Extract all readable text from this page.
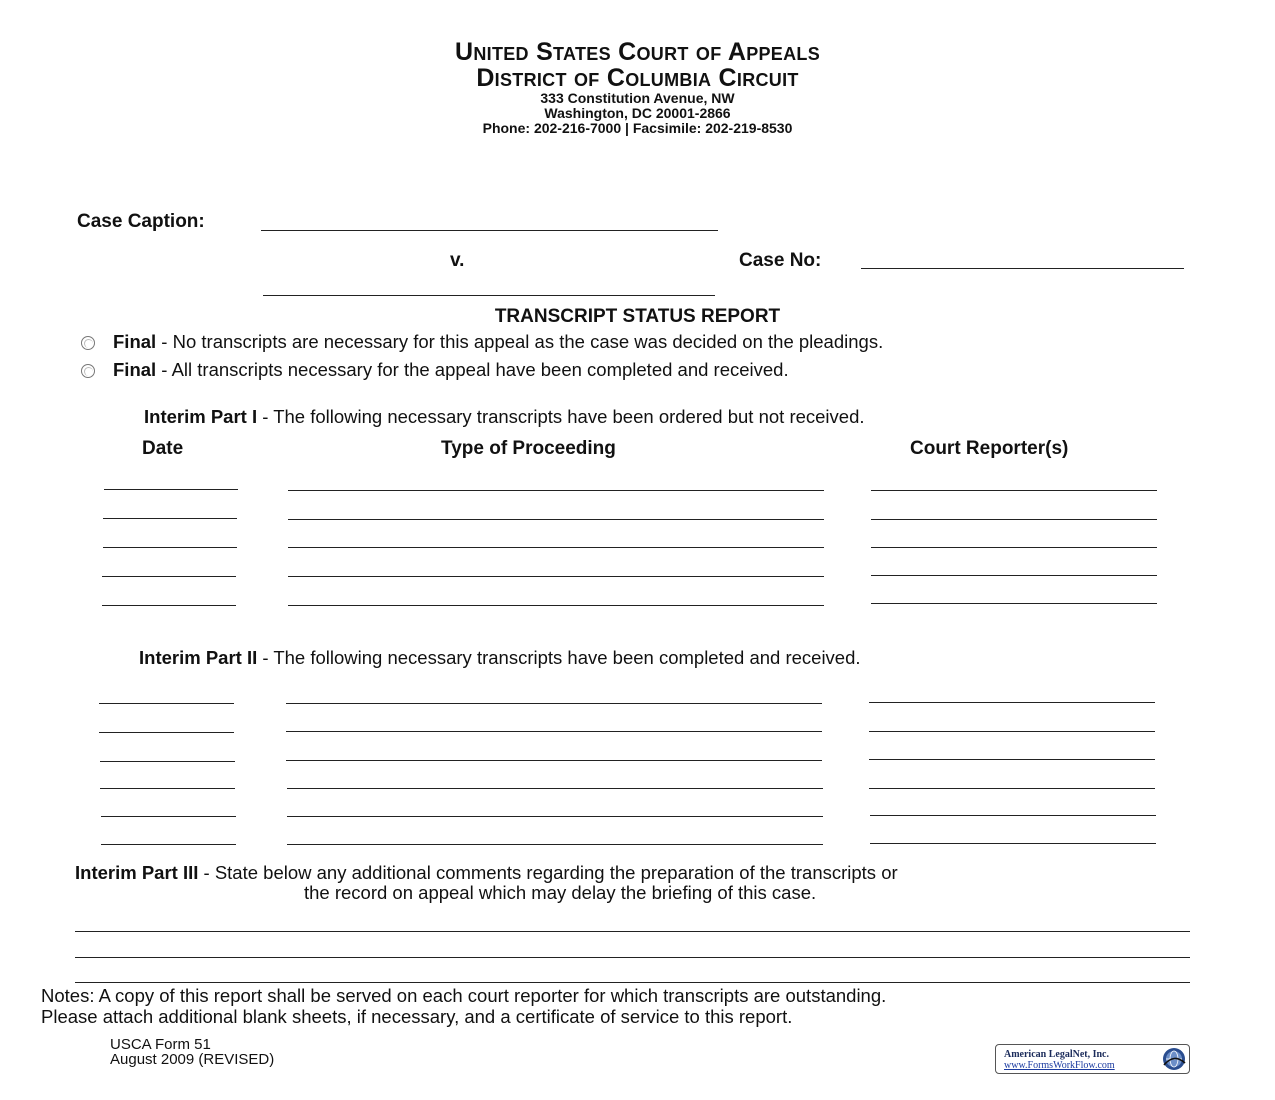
United States Court of Appeals
District of Columbia Circuit
333 Constitution Avenue, NW
Washington, DC 20001-2866
Phone: 202-216-7000 | Facsimile: 202-219-8530
Case Caption:
v.	Case No:
TRANSCRIPT STATUS REPORT
Final - No transcripts are necessary for this appeal as the case was decided on the pleadings.
Final - All transcripts necessary for the appeal have been completed and received.
Interim Part I - The following necessary transcripts have been ordered but not received.
Date	Type of Proceeding	Court Reporter(s)
Interim Part II - The following necessary transcripts have been completed and received.
Interim Part III - State below any additional comments regarding the preparation of the transcripts or
the record on appeal which may delay the briefing of this case.
Notes: A copy of this report shall be served on each court reporter for which transcripts are outstanding.
Please attach additional blank sheets, if necessary, and a certificate of service to this report.
USCA Form 51
August 2009 (REVISED)	American LegalNet, Inc.
www.FormsWorkFlow.com
